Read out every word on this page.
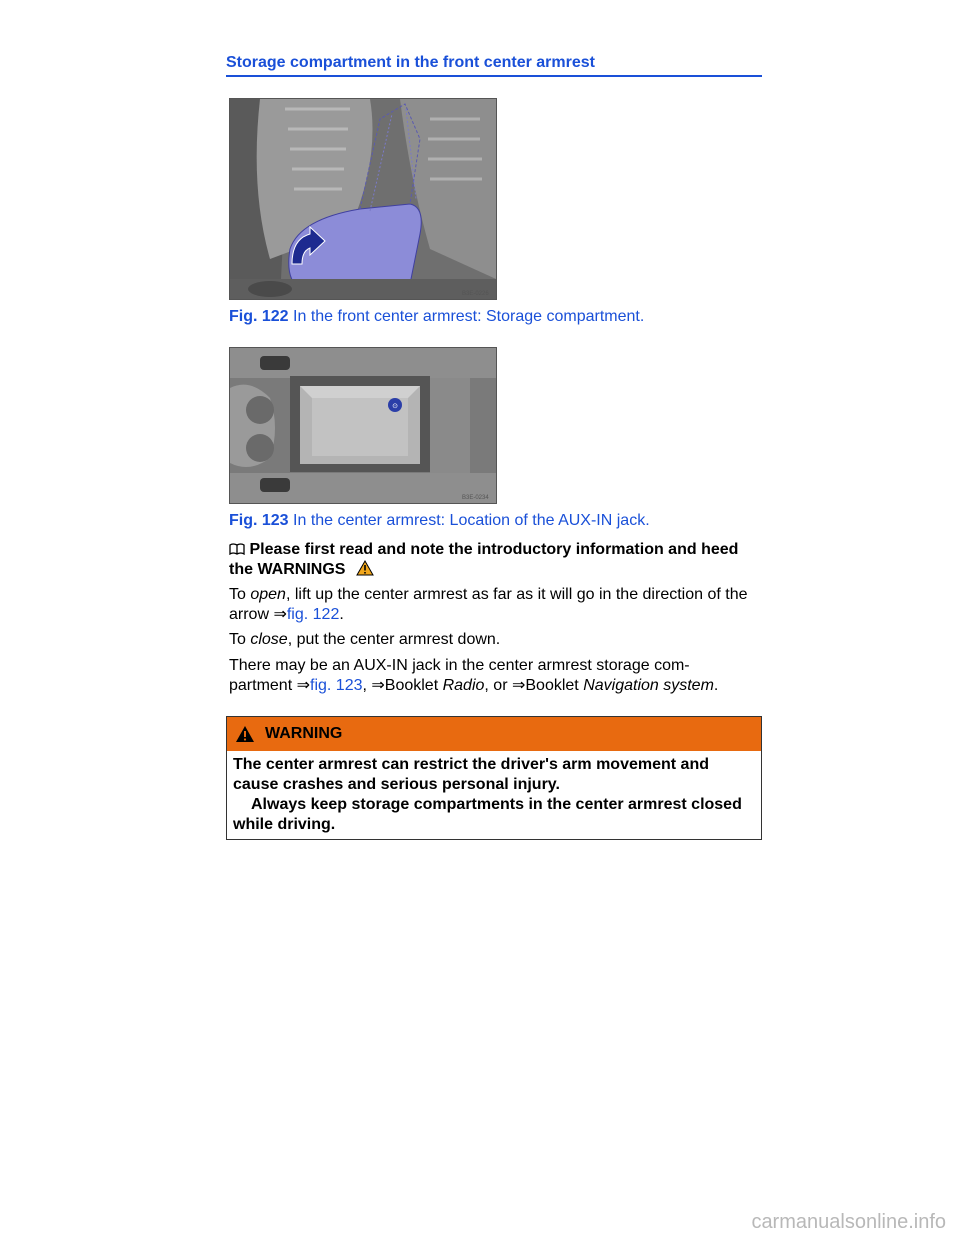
Storage compartment in the front center armrest
B3E-0226
Fig. 122 In the front center armrest: Storage compartment.
⊙
B3E-0234
Fig. 123 In the center armrest: Location of the AUX-IN jack.
Please first read and note the introductory information and heed the WARNINGS
To open, lift up the center armrest as far as it will go in the direction of the arrow ⇒fig. 122.
To close, put the center armrest down.
There may be an AUX-IN jack in the center armrest storage com-partment ⇒fig. 123, ⇒Booklet Radio, or ⇒Booklet Navigation system.
WARNING
The center armrest can restrict the driver's arm movement and cause crashes and serious personal injury.
Always keep storage compartments in the center armrest closed while driving.
carmanualsonline.info
